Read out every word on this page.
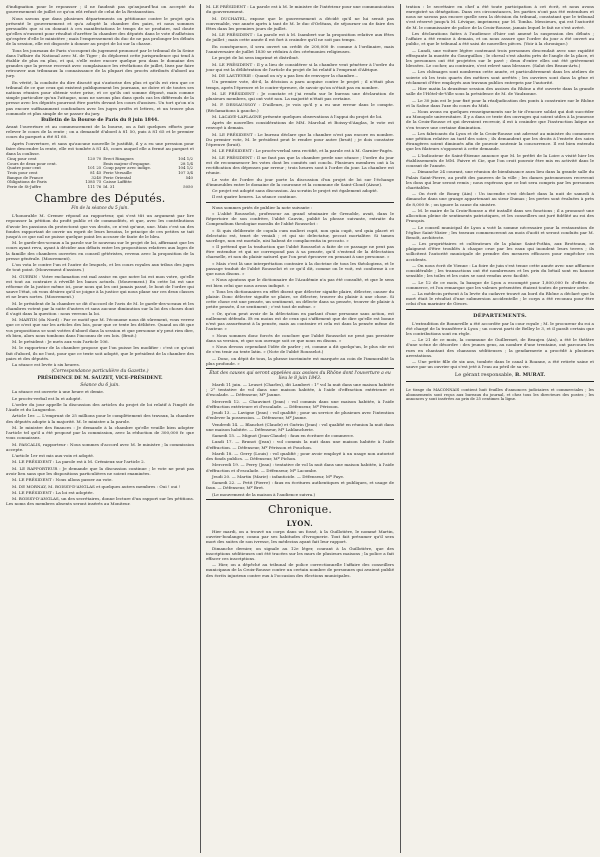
d'indignation pour le repousser ; il ne faudrait pas qu'aujourd'hui on accepté du gouvernement de juillet ce qu'on eût refusé de celui de la Restauration.

Nous savons que dans plusieurs départements on pétitionne contre le projet qu'a présenté le gouvernement et qu'a adopté la chambre des pairs, et nous sommes persuadés que si on donnait à ces manifestations le temps de se produire, nul doute qu'elles n'eussent pour résultat d'arrêter la chambre des députés dans le vote d'adhésion qu'espère d'elle le ministère ; mais l'empressement du duc de ne pas prolonger les débats de la session, elle est disposée à donner au projet de loi sur la chasse.

Tous les journaux de Paris s'occupent du jugement prononcé par le tribunal de la Seine dans l'affaire du National avec M. de Tiger ; ils déplorent cette jurisprudence qui tend à établir de plus en plus, et qui, s'elle entre encore quelque peu dans le domaine des grandes que la presse recevait avec complaisance les révélations de juillet, lisez par faire retrouver aux tribunaux la connaissance de la plupart des procès attribués d'abord au jury.

En vérité, la conduite du dire discuté qui s'autorise des plus et qu'ils est rien que ce tribunal de ce que ceux qui existent publiquement les journaux, ne doive et de toutes ses nations réunies pour obtenir votre prise, et ce qu'ils ont somme déposé, mais comme simple particulier qu'un l'attaque, nous ne savons plus dans quels cas les différends de la presse avec les députés pourront être portés devant les cours d'assises. Un tort qu'on n'a pas encore suffisamment confondues avec les juges profès et lettres, et un trouve plus commode et plus simple de se passer du jury.

Bulletin de la Bourse de Paris du 8 juin 1844.

Avant l'ouverture et au commencement de la bourse, on a fait quelques efforts pour relever le cours de la rente ; on a demandé d'abord à 81 50, puis à 81 65 et le premier cours du parquet a été 81 60.

Après l'ouverture, et sans qu'aucune nouvelle le justifiât, il y a eu une pression pour faire descendre la rente, elle est tombée à 81 45, cours auquel elle a fermé au parquet et dans la coulisse.

Cinq pour cent	120 70	Erect Rinagues	104 1/2
Cours de deux pour cent.		Emis majeur d'espagne.	28 1/4
Quatre pour cent	101 25	Coup payer avec indige.	104 1/2
Trois pour cent	81 45	Ferie Versaille	107 3/4
Banque de France	3240	Ferie Oriental	540
Obligations de Paris	1385 75	Caisse Laffitte	
Ferie de St-Juffre	111 76	Id. 31	5050
Chambre des Députés.
Fin de la séance du 5 juin.

L'honorable M. Cremer répond au rapporteur, qui s'est tût un argument par lire repousser la pétition du profit public et de commodités, et que, avec les contributions d'avoir les passions du protectorat que vos droits, ce n'est qu'une, une. Mais c'est un des fondes rapportant de ouvrir un esprit de leurs besoins, le principe de ces petites se tait jusqu'à ce que nul ne puisse quelque point les accuser de faute de le bleu.

M. le garde-des-sceaux a la parole sur le nouveau sur le projet de loi, affirmant que les cours ayant revu, ayant à décider aux débats entre les propositions relatives aux loges de la famille des chambres ouvertes en conseil gétéristes, revenu avec la proposition de la presse générale. (Mouvement).

L'on vota le contre l'un et l'autre de lesquels, et les cours royales aux tribus des juges de tout point. (Mouvement d'assises.)

M. GUERIN : Votre exclamation est mal assise en que notre loi est mon votre, qu'elle est tout au contraire à réveillé les bancs actuels. (Mouvement.) En cette loi est une réforme de la justice même ici, pour nous qui les ont jamais passé, le bout de l'ordre qui sauve l'état, où vous désirez qu'il se joigne à la justice qui nous plane sur ces deux classes et ne leurs sortes. (Mouvement.)

M. le président de la chambre se dit d'accord de l'avis de M. le garde-des-sceaux et les chambres votent par la suite d'autres et sans aucune diminution sur la loi des choses dont il s'agit dans la question : nous verrons la loi.

M. MARTIN (du Nord) : Par ce motif que M. l'économe nous dit sûrement, vous verrez que ce n'est que sur les articles des lois, pour que ce texte les délibère. Quand on dit que vos propositions se sont votées d'abord dans la session et que personne n'y peut rien dire, eh bien, alors nous tombons dans l'inconnu de ces lois. (Bruit.)

M. le président : Je mets aux voix l'article 106.

M. le rapporteur de la chambre propose que l'on puisse les modifier : c'est ce qu'ont fait d'abord, ils ne l'ont, pour que ce texte soit adopté, que le président de la chambre des pairs et des députés.

La séance est levée à six heures.

(Correspondance particulière du Gazette.)
PRÉSIDENCE DE M. SAUZET, VICE-PRÉSIDENT.
Séance du 6 juin.

La séance est ouverte à une heure et demie.

Le procès-verbal est lu et adopté.

L'ordre du jour appelle la discussion des articles du projet de loi relatif à l'impôt de l'Aude et du Languedoc.

Article 1er. — L'emprunt de 25 millions pour le complètement des travaux, la chambre des députés adopte à la majorité. M. le ministre a la parole.

M. le ministre des finances : Je demande à la chambre qu'elle veuille bien adopter l'article tel qu'il a été proposé par la commission, avec la réduction de 300,000 fr. que vous connaissez.

M. PASCALIS, rapporteur : Nous sommes d'accord avec M. le ministre ; la commission accepte.

L'article 1er est mis aux voix et adopté.

M. LE PRÉSIDENT : La parole est à M. Crémieux sur l'article 2.

M. LE RAPPORTEUR : Je demande que la discussion continue ; le vote ne peut pas avoir lieu sans que les dispositions particulières ne soient examinées.

M. LE PRÉSIDENT : Nous allons passer au vote.

M. DE MORNAY, M. BOISSY-D'ANGLAS et quelques autres membres : Oui ! oui !

M. LE PRÉSIDENT : La loi est adoptée.

M. BOISSY-D'ANGLAS, un des secrétaires, donne lecture d'un rapport sur les pétitions. Les noms des membres absents seront insérés au Moniteur.

M. LE PRÉSIDENT : La parole est à M. le ministre de l'intérieur pour une communication du gouvernement.

M. DUCHATEL, expose que le gouvernement a décidé qu'il ne lui serait pas convenable, vue année après à tant de M. le duc d'Orléans, de séjourner ou de faire des fêtes dans les premiers jours de juillet.

M. LE PRÉSIDENT : La parole est à M. Isambert sur la proposition relative aux fêtes de juillet ; mais cette année il est fort à craindre qu'il ne soit pas temps.

En conséquence, il sera ouvert un crédit de 200,000 fr. comme à l'ordinaire, mais l'anniversaire de juillet 1830 se réduira à des cérémonies religieuses.

Le projet de loi sera imprimé et distribué.

M. LE PRÉSIDENT : Il y a lieu de considérer si la chambre veut pénétrer à l'ordre du jour qui est la délibération de l'article du projet de loi relatif à l'emprunt d'Afrique.

M. DE LASTEYRIE : Quand on n'y a pas lieu de renvoyer la chambre...

Un premier vote, dit-il, la décision a paru acquise contre le projet ; il n'était plus temps, après l'épreuve et le contre-épreuve, de savoir qu'on n'était pas en nombre.

M. LE PRÉSIDENT : Je constate et j'ai rendu sur le bureau une déclaration de plusieurs membres, qui ont voté non. La majorité n'était pas certaine.

M. F. DESSAUSSOY : D'ailleurs, je vois qu'il y a eu une erreur dans le compte. (Réclamations à gauche.)

M. LACAVE-LAPLAGNE présente quelques observations à l'appui du projet de loi.

Après de nouvelles considérations de MM. Marchal et Boissy-d'Anglas, le vote est renvoyé à demain.

M. LE PRÉSIDENT : Le bureau déclare que la chambre n'est pas encore en nombre. Du premier vote, M. le président peut le rendre pour autre (bruit) ; je dois constater l'épreuve (bruit).

M. LE PRÉSIDENT : Le procès-verbal sera rectifié, et la parole est à M. Garnier-Pagès.

M. LE PRÉSIDENT : Il ne faut pas que la chambre perde une séance ; l'ordre du jour est de recommencer les votes dont les comités ont conclu. Plusieurs membres ont à la rectification des dépenses par erreur ; trois heures sont à l'ordre du jour. La chambre est réunie.

Le vote de l'ordre du jour porte la discussion d'un projet de loi sur l'échange d'immeubles entre le domaine de la couronne et la commune de Saint-Cloud (Aisne).

Ce projet est adopté sans discussion. Au scrutin le projet est également adopté.

Il est quatre heures. La séance continue.

Nous sommes priés de publier la note suivante :

« L'abbé Rousselot, professeur au grand séminaire de Grenoble, avait, dans le Répertoire de son confrère, l'abbé Cauvin, publié la phrase suivante, extraite du Compendium theologiae moralis de l'abbé Rousselot :

« Si quis deliberate de copula cum mulieri cupit, non quia cupit, sed quia placet et delectatio est, tenet de veniali ; et qui sic delectatur, peccat mortaliter. Si tamen sacrilege, non est mortale, nisi habeat de complacentia in peccato. »

« Il prétend que la traduction que l'abbé Rousselot a faite de ce passage ne peut pas être entendue et qui ne correspond pas à sa pensée, qu'il s'entend de la délectation charnelle, et non du plaisir naturel que l'on peut éprouver en pensant à une personne. »

« Mais c'est là une interprétation contraire à la doctrine de tous les théologiens, et le passage traduit de l'abbé Rousselot et ce qu'il dit, comme on le voit, est conforme à ce que nous disons. »

« Nous ajoutons que le dictionnaire de l'Académie n'a pas été consulté, et que le sens est bien celui que nous avons indiqué. »

« Tous les dictionnaires en effet disent que délecter signifie plaire, délecter, causer du plaisir. Donc délecter signifie se plaire, se délecter, trouver du plaisir à une chose. Si cette chose est une pensée, un sentiment, on délecte dans sa pensée, trouver de plaisir à petite pensée, il se sentiment ; c'est tout de même. »

« Or, qu'on peut avoir de la délectation en parlant d'une personne sans action, est nullement défendu. Et en moins est de ceux qui s'affirment que de dire qu'elle est bonne n'est pas assurément à la pensée, mais au contraire et cela est dans la pensée même de l'auteur. »

« Nous sommes donc forcés de conclure que l'abbé Rousselot ne peut pas persister dans sa version, et que son ouvrage soit ce que nous en disons. »

« Nous devons cependant l'idée de parler ; et, comme a dit quelqu'un, le plus sûr est de s'en tenir au texte latin. » (Note de l'abbé Rousselot.)

— Donc, on dépit de tous, la phrase incriminée est marquée au coin de l'immoralité la plus profonde. »

État des causes qui seront appelées aux assises du Rhône dont l'ouverture a eu lieu le 8 juin 1843.

Mardi 11 juin. — Leuset (Charles), dit Lambert : 1° vol la nuit dans une maison habitée ; 2° tentative de vol dans une maison habitée, à l'aide d'effraction extérieure et d'escalade. — Défenseur, Mº Jaume.

Mercredi 12. — Chauvinet (Jean) : vol commis dans une maison habitée, à l'aide d'effraction extérieure et d'escalade. — Défenseur, Mº Périsson.

Jeudi 13. — Lavigne (Jean) : vol qualifié ; pour un service de plusieurs avec l'intention d'enlever la possession. — Défenseur, Mº Jaume.

Vendredi 14. — Blanchet (Claude) et Guérin (Jean) : vol qualifié en réunion la nuit dans une maison habitée. — Défenseur, Mº Lablancherie.

Samedi 15. — Mignot (Jean-Claude) : faux en écriture de commerce.

Lundi 17. — Brunot (Jean) : vol commis la nuit dans une maison habitée à l'aide d'effraction. — Défenseur, Mº Périsson et Pouchon.

Mardi 18. — Gerry (Louis) : vol qualifié ; pour avoir employé à un usage non autorisé des fonds publics. — Défenseur, Mº Pichon.

Mercredi 19. — Perry (Jean) : tentative de vol la nuit dans une maison habitée, à l'aide d'effraction et d'escalade. — Défenseur, Mº Lacombe.

Jeudi 20. — Martin (Marie) : infanticide. — Défenseur, Mº Faye.

Samedi 22. — Petit (Pierre) : faux en écritures authentiques et publiques, et usage de faux. — Défenseur, Mº Bret.

(Le mouvement de la maison à l'audience suivra.)

Chronique.
LYON.

Hier mardi, on a trouvé un corps dans un fossé, à la Guillotière, le nommé Martin, ouvrier-boulanger, connu par ses habitudes d'ivrognerie. Tout fait présumer qu'il sera mort des suites de son ivresse, les médecins ayant fait leur rapport.

Dimanche dernier, on signale au 12e léger, courant à la Guillotière, que des inscriptions séditieuses ont été tracées sur les murs de plusieurs maisons ; la police a fait effacer ces inscriptions.

— Hier, on a dépêché au tribunal de police correctionnelle l'affaire des conseillers municipaux de la Croix-Rousse contre un certain nombre de personnes qui avaient publié des écrits injurieux contre eux à l'occasion des élections municipales.

tration : le secrétaire en chef a été toute participation à cet écrit, et nous avons enregistré sa dénégation. Dans ces circonstances, les parties n'ont pas été entendues et nous ne savons pas encore quelle sera la décision du tribunal, constatant que le tribunal s'est réservé jusqu'à M. Lévique, imprimeur, par M. Tomba. Messieurs, qui est l'autorité de M. le commissaire de police de la Croix-Rousse, jamais lequel le fait ne s'est avéré.

Les déclarations faites à l'audience d'hier ont amené la suspension des débats ; l'affaire a été remise à demain, et on nous assure que l'ordre du jour a été ouvert au public, et que le tribunal a été saisi de nouvelles pièces. (Voir à la chronique.)

— Lundi, une voiture légère contenant trois personnes descendait avec une rapidité effrayante la montée du Gourguillon ; le cheval s'est abattu près de l'angle de la place, et les personnes ont été projetées sur le pavé ; deux d'entre elles ont été grièvement blessées. Le cocher, au contraire, s'est relevé sans blessure. (Salut des Beaux-Arts.)

— Les chômages sont nombreux cette année, et particulièrement dans les ateliers de soierie où les trois quarts des métiers sont arrêtés ; les ouvriers sont dans la gêne et réclament d'être employés aux travaux publics entrepris par l'autorité.

— Hier matin la deuxième session des assises du Rhône a été ouverte dans la grande salle de l'Hôtel-de-Ville sous la présidence de M. de Vaulxonne.

— Le 30 juin est le jour fixé pour la réadjudication des ponts à construire sur le Rhône et la Saône dans l'axe du cours du Midi.

— Nous avons eu quelques renseignements sur le tir d'encore soldat qui doit succéder au Monopole universitaire. Il y a dans ce texte des ouvrages qui soient utiles à la jeunesse de la Croix-Rousse et qui devraient recevoir, il est à craindre que l'instruction laïque ne s'en trouve une certaine diminution.

— Les fabricants du Lyon et de la Croix-Rousse ont adressé au ministre du commerce une pétition relative au tarif des soies ; ils demandent que les droits à l'entrée des soies étrangères soient diminués afin de pouvoir soutenir la concurrence. Il est bien entendu que les filateurs s'opposent à cette demande.

— L'Indicateur de Saint-Étienne annonce que M. le préfet de la Loire a visité hier les établissements de MM. Faivre et Cie, que l'on croit pouvoir être mis en activité dans le courant de l'année.

— Dimanche 24 courant, une réunion de bienfaisance aura lieu dans la grande salle du Palais Saint-Pierre, au profit des pauvres de la ville ; les dames patronnesses recevront les dons qui leur seront remis ; nous espérons que ce but sera compris par les personnes charitables.

— On écrit de Bourg (Ain) : Un incendie s'est déclaré dans la nuit de samedi à dimanche dans une grange appartenant au sieur Dumas ; les pertes sont évaluées à près de 8,000 fr. ; on ignore la cause du sinistre.

— M. le maire de la Croix-Rousse a été installé dans ses fonctions ; il a prononcé une allocution pleine de sentiments patriotiques, et les conseillers ont juré fidélité au roi des Français.

— Le conseil municipal de Lyon a voté la somme nécessaire pour la restauration de l'église Saint-Nizier ; les travaux commenceront au mois d'août et seront conduits par M. Benoît, architecte.

— Les propriétaires et cultivateurs de la plaine Saint-Pothin, aux Brotteaux, se plaignent d'être troublés à chaque crue par les eaux qui inondent leurs terres ; ils sollicitent l'autorité municipale de prendre des mesures efficaces pour empêcher ces accidents.

— On nous écrit de Vienne : La foire de juin s'est tenue cette année avec une affluence considérable ; les transactions ont été nombreuses et les prix du bétail sont en hausse sensible ; les toiles et les cuirs se sont vendus avec facilité.

— Le 12 de ce mois, la banque de Lyon a escompté pour 1,800,000 fr. d'effets de commerce, et l'on remarque que les valeurs présentées étaient toutes de premier ordre.

— La médecin présent à la levée du cadavre trouvé au bord du Rhône a déclaré que la mort était le résultat d'une submersion accidentelle ; le corps a été reconnu pour être celui d'un marinier de Givors.

DÉPARTEMENTS.

L'extradition de Bonneville a été accordée par la cour royale ; M. le procureur du roi a été chargé de la transférer à Lyon ; un convoi parti de Belley le 3, et il paraît certain que les contributions sont en règle.

— Le 21 de ce mois, la commune de Guillermet, de Beaujeu (Ain), a été le théâtre d'une scène de désordre : des jeunes gens, au nombre d'une trentaine, ont parcouru les rues en chantant des chansons séditieuses ; la gendarmerie a procédé à plusieurs arrestations.

— Une petite fille de six ans, tombée dans le canal à Roanne, a été retirée saine et sauve par un ouvrier qui s'est jeté à l'eau au péril de sa vie.

Le gérant responsable, B. MURAT.

Le tirage du MACONNAIS contient huit feuilles d'annonces judiciaires et commerciales ; les abonnements sont reçus aux bureaux du journal, et chez tous les directeurs des postes ; les annonces y sont insérées au prix de 25 centimes la ligne.
